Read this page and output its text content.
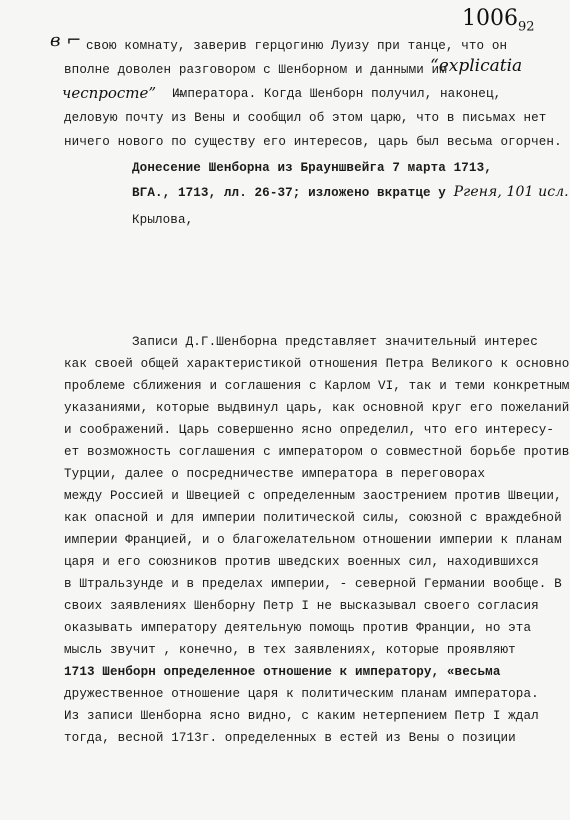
$1006_{92}$
в ⌐
“explicatia
чеспросте”
свою комнату, заверив герцогиню Луизу при танце, что он
вполне доволен разговором с Шенборном и данными им
И̶мператора. Когда Шенборн получил, наконец,
деловую почту из Вены и сообщил об этом царю, что в письмах нет
ничего нового по существу его интересов, царь был весьма огорчен.
Донесение Шенборна из Брауншвейга 7 марта 1713,
ВГА., 1713, лл. 26-37; изложено вкратце у Ргеня, 101 исл.
Крылова,
Записи Д.Г.Шенборна представляет значительный интерес
как своей общей характеристикой отношения Петра Великого к основно
проблеме сближения и соглашения с Карлом VI, так и теми конкретным
указаниями, которые выдвинул царь, как основной круг его пожеланий
и соображений. Царь совершенно ясно определил, что его интересу-
ет возможность соглашения с императором о совместной борьбе против
Турции, далее о посредничестве императора в переговорах
между Россией и Швецией с определенным заострением против Швеции,
как опасной и для империи политической силы, союзной с враждебной
империи Францией, и о благожелательном отношении империи к планам
царя и его союзников против шведских военных сил, находившихся
в Штральзунде и в пределах империи, - северной Германии вообще. В
своих заявлениях Шенборну Петр I не высказывал своего согласия
оказывать императору деятельную помощь против Франции, но эта
мысль звучит , конечно, в тех заявлениях, которые проявляют
1713 Шенборн определенное отношение к императору, «весьма
дружественное отношение царя к политическим планам императора.
Из записи Шенборна ясно видно, с каким нетерпением Петр I ждал
тогда, весной 1713г. определенных в естей из Вены о позиции
